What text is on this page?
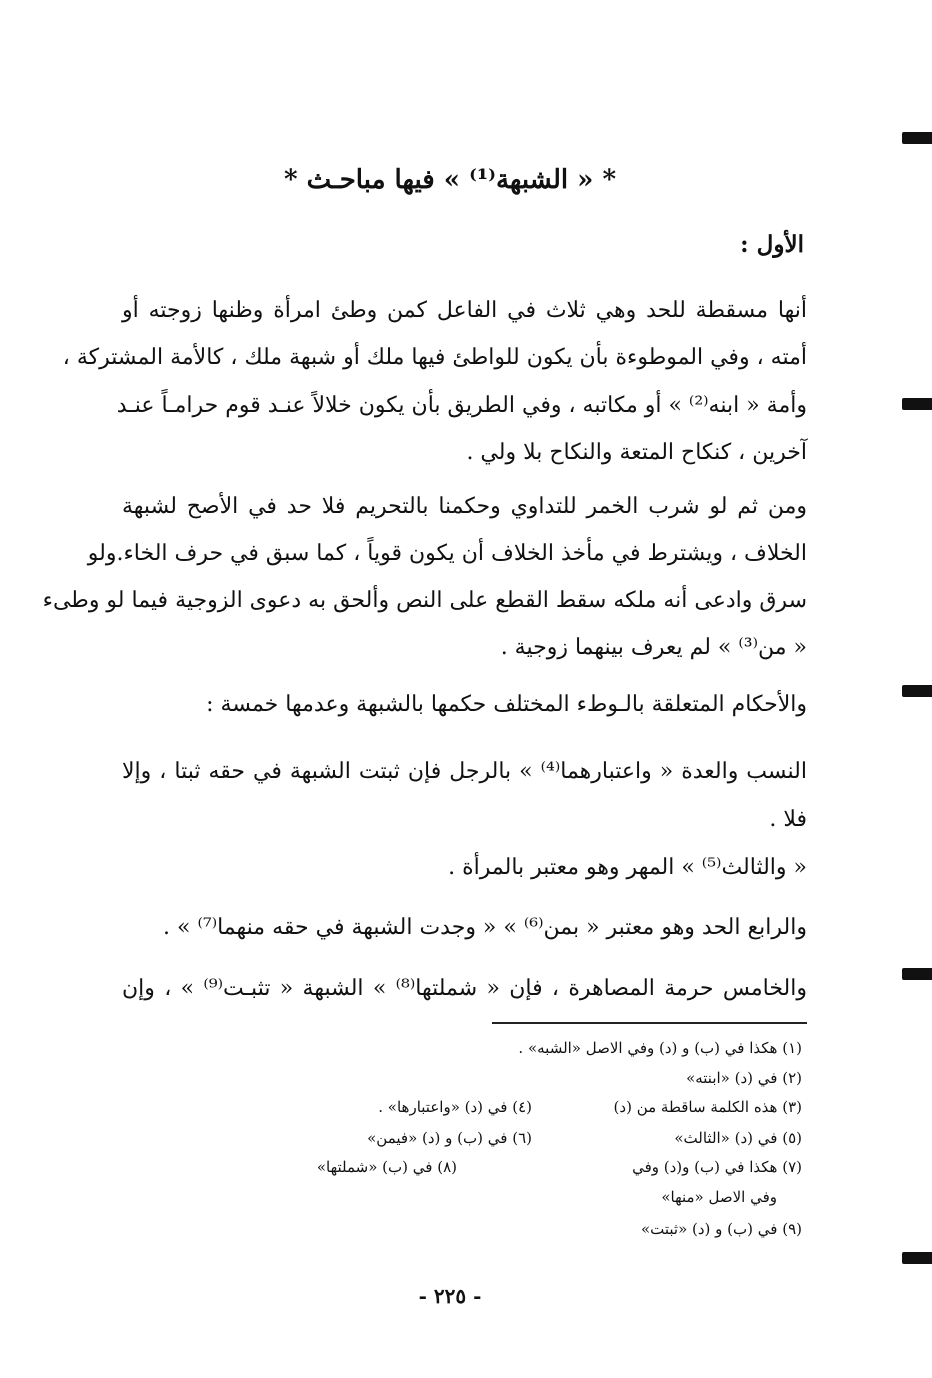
* « الشبهة⁽¹⁾ » فيها مباحـث *
الأول :
أنها مسقطة للحد وهي ثلاث في الفاعل كمن وطئ امرأة وظنها زوجته أو
أمته ، وفي الموطوءة بأن يكون للواطئ فيها ملك أو شبهة ملك ، كالأمة المشتركة ،
وأمة « ابنه⁽²⁾ » أو مكاتبه ، وفي الطريق بأن يكون خلالاً عنـد قوم حرامـاً عنـد
آخرين ، كنكاح المتعة والنكاح بلا ولي .
ومن ثم لو شرب الخمر للتداوي وحكمنا بالتحريم فلا حد في الأصح لشبهة
الخلاف ، ويشترط في مأخذ الخلاف أن يكون قوياً ، كما سبق في حرف الخاء.ولو
سرق وادعى أنه ملكه سقط القطع على النص وألحق به دعوى الزوجية فيما لو وطىء
« من⁽³⁾ » لم يعرف بينهما زوجية .
والأحكام المتعلقة بالـوطء المختلف حكمها بالشبهة وعدمها خمسة :
النسب والعدة « واعتبارهما⁽⁴⁾ » بالرجل فإن ثبتت الشبهة في حقه ثبتا ، وإلا
فلا .
« والثالث⁽⁵⁾ » المهر وهو معتبر بالمرأة .
والرابع الحد وهو معتبر « بمن⁽⁶⁾ » « وجدت الشبهة في حقه منهما⁽⁷⁾ » .
والخامس حرمة المصاهرة ، فإن « شملتها⁽⁸⁾ » الشبهة « تثبـت⁽⁹⁾ » ، وإن
(١) هكذا في (ب) و (د) وفي الاصل «الشبه» .
(٢) في (د) «ابنته»
(٣) هذه الكلمة ساقطة من (د)
(٤) في (د) «واعتبارها» .
(٥) في (د) «الثالث»
(٦) في (ب) و (د) «فيمن»
(٧) هكذا في (ب) و(د) وفي
(٨) في (ب) «شملتها»
وفي الاصل «منها»
(٩) في (ب) و (د) «ثبتت»
- ٢٢٥ -
